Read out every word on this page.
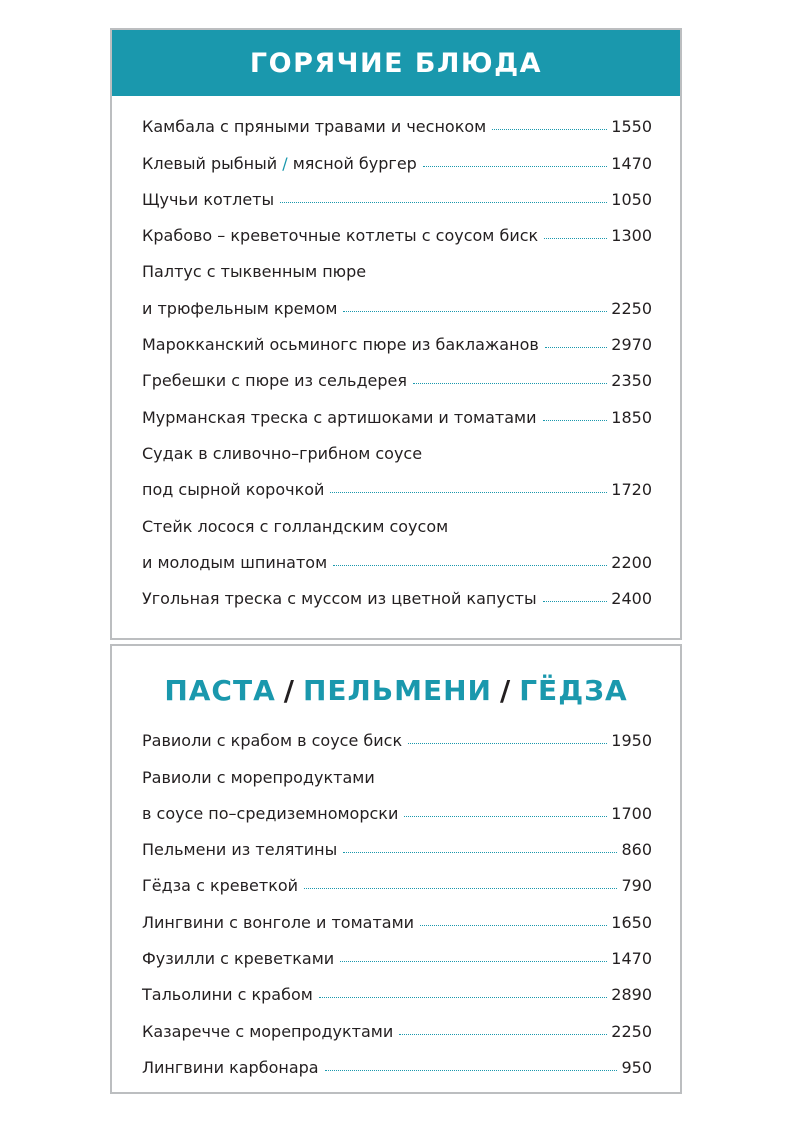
ГОРЯЧИЕ БЛЮДА
Камбала с пряными травами и чесноком	1550
Клевый рыбный / мясной бургер	1470
Щучьи котлеты	1050
Крабово – креветочные котлеты с соусом биск	1300
Палтус с тыквенным пюре
и трюфельным кремом	2250
Марокканский осьминогс пюре из баклажанов	2970
Гребешки с пюре из сельдерея	2350
Мурманская треска с артишоками и томатами	1850
Судак в сливочно–грибном соусе
под сырной корочкой	1720
Стейк лосося с голландским соусом
и молодым шпинатом	2200
Угольная треска с муссом из цветной капусты	2400
ПАСТА / ПЕЛЬМЕНИ / ГЁДЗА
Равиоли с крабом в соусе биск	1950
Равиоли с морепродуктами
в соусе по–средиземноморски	1700
Пельмени из телятины	860
Гёдза с креветкой	790
Лингвини с вонголе и томатами	1650
Фузилли с креветками	1470
Тальолини с крабом	2890
Казаречче с морепродуктами	2250
Лингвини карбонара	950
